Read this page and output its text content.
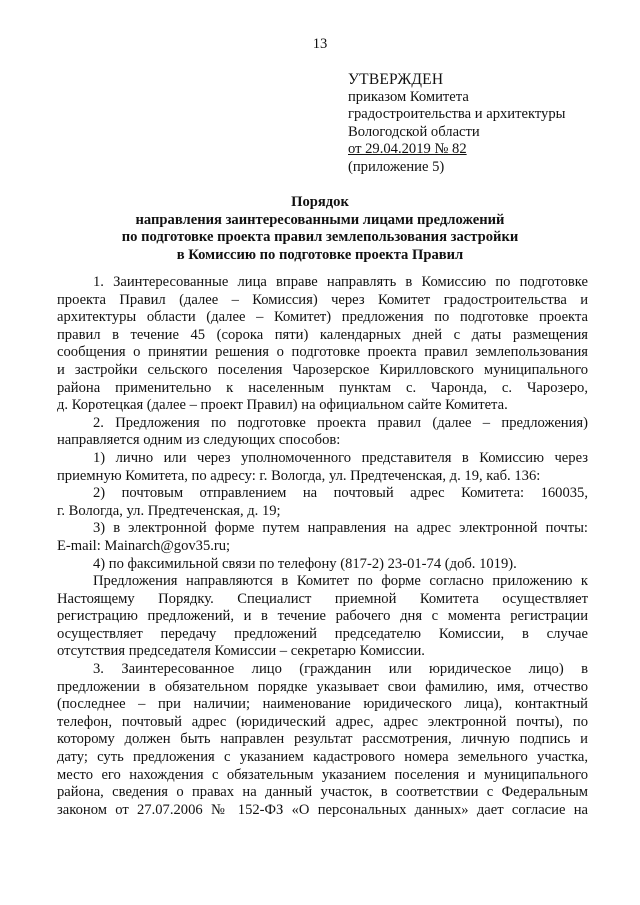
13
УТВЕРЖДЕН
приказом Комитета
градостроительства и архитектуры
Вологодской области
от 29.04.2019 № 82
(приложение 5)
Порядок
направления заинтересованными лицами предложений
по подготовке проекта правил землепользования застройки
в Комиссию по подготовке проекта Правил

1. Заинтересованные лица вправе направлять в Комиссию по подготовке

проекта Правил (далее – Комиссия) через Комитет градостроительства и

архитектуры области (далее – Комитет) предложения по подготовке проекта

правил в течение 45 (сорока пяти) календарных дней с даты размещения

сообщения о принятии решения о подготовке проекта правил землепользования

и застройки сельского поселения Чарозерское Кирилловского муниципального

района применительно к населенным пунктам с. Чаронда, с. Чарозеро,

д. Коротецкая (далее – проект Правил) на официальном сайте Комитета.

2. Предложения по подготовке проекта правил (далее – предложения)

направляется одним из следующих способов:

1) лично или через уполномоченного представителя в Комиссию через

приемную Комитета, по адресу: г. Вологда, ул. Предтеченская, д. 19, каб. 136:

2) почтовым отправлением на почтовый адрес Комитета: 160035,

г. Вологда, ул. Предтеченская, д. 19;

3) в электронной форме путем направления на адрес электронной почты:

E-mail: Mainarch@gov35.ru;

4) по факсимильной связи по телефону (817-2) 23-01-74 (доб. 1019).

Предложения направляются в Комитет по форме согласно приложению к

Настоящему Порядку. Специалист приемной Комитета осуществляет

регистрацию предложений, и в течение рабочего дня с момента регистрации

осуществляет передачу предложений председателю Комиссии, в случае

отсутствия председателя Комиссии – секретарю Комиссии.

3. Заинтересованное лицо (гражданин или юридическое лицо) в

предложении в обязательном порядке указывает свои фамилию, имя, отчество

(последнее – при наличии; наименование юридического лица), контактный

телефон, почтовый адрес (юридический адрес, адрес электронной почты), по

которому должен быть направлен результат рассмотрения, личную подпись и

дату; суть предложения с указанием кадастрового номера земельного участка,

место его нахождения с обязательным указанием поселения и муниципального

района, сведения о правах на данный участок, в соответствии с Федеральным

законом от 27.07.2006 № 152-ФЗ «О персональных данных» дает согласие на
